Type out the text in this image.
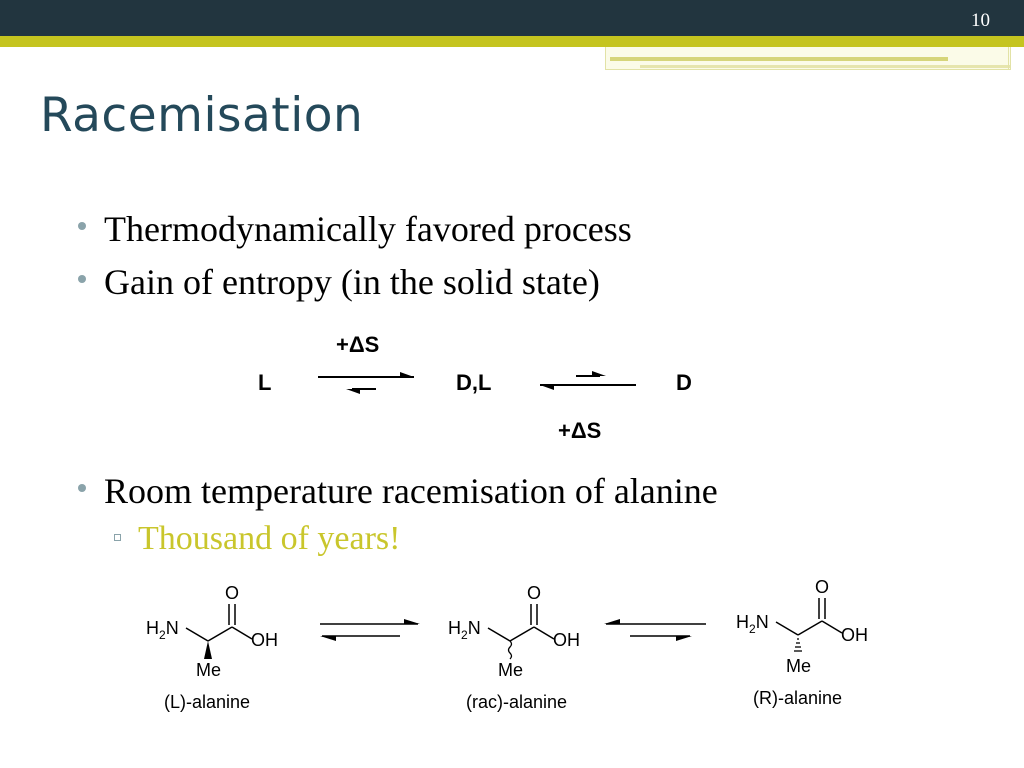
10
Racemisation
Thermodynamically favored process
Gain of entropy (in the solid state)
+ΔS
L	D,L	D
+ΔS
Room temperature racemisation of alanine
Thousand of years!
$H_2N$
O
OH
Me
$H_2N$
O
OH
Me
$H_2N$
O
OH
Me
(L)-alanine	(rac)-alanine	(R)-alanine
